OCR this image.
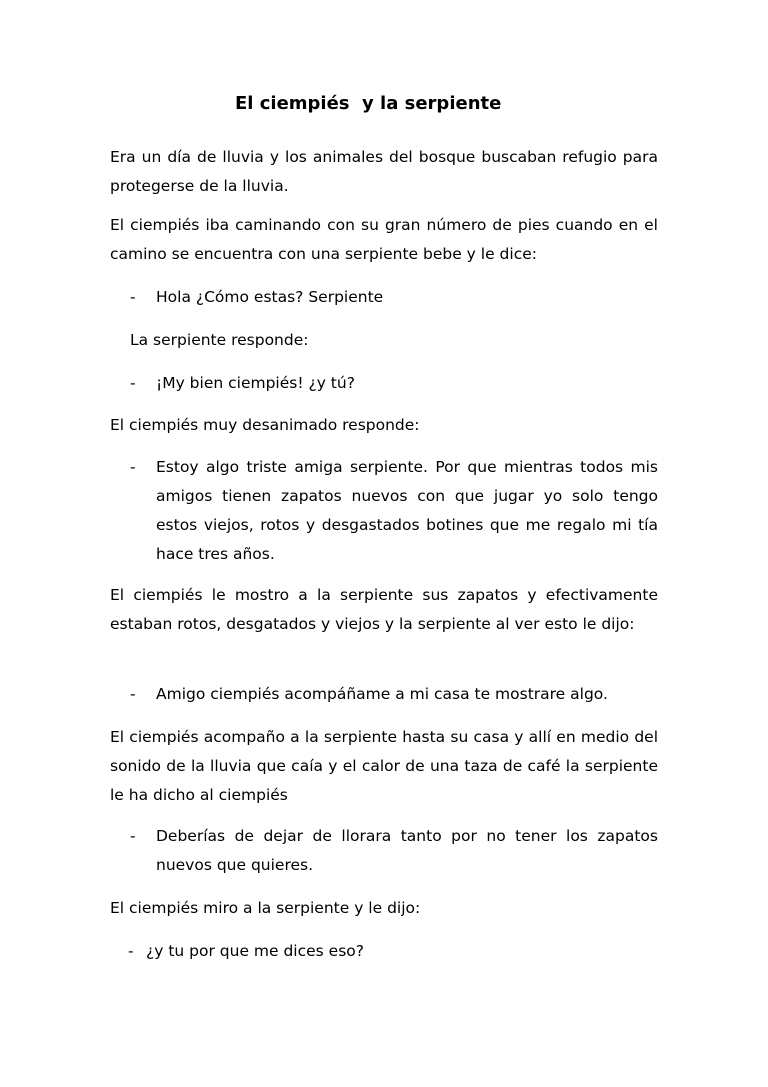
El ciempiés  y la serpiente

Era un día de lluvia y los animales del bosque buscaban refugio para protegerse de la lluvia.

El ciempiés iba caminando con su gran número de pies cuando en el camino se encuentra con una serpiente bebe y le dice:

- Hola ¿Cómo estas? Serpiente

La serpiente responde:

- ¡My bien ciempiés! ¿y tú?

El ciempiés muy desanimado responde:

- Estoy algo triste amiga serpiente. Por que mientras todos mis amigos tienen zapatos nuevos con que jugar yo solo tengo estos viejos, rotos y desgastados botines que me regalo mi tía hace tres años.

El ciempiés le mostro a la serpiente sus zapatos y efectivamente estaban rotos, desgatados y viejos y la serpiente al ver esto le dijo:

- Amigo ciempiés acompáñame a mi casa te mostrare algo.

El ciempiés acompaño a la serpiente hasta su casa y allí en medio del sonido de la lluvia que caía y el calor de una taza de café la serpiente le ha dicho al ciempiés

- Deberías de dejar de llorara tanto por no tener los zapatos nuevos que quieres.

El ciempiés miro a la serpiente y le dijo:

- ¿y tu por que me dices eso?
